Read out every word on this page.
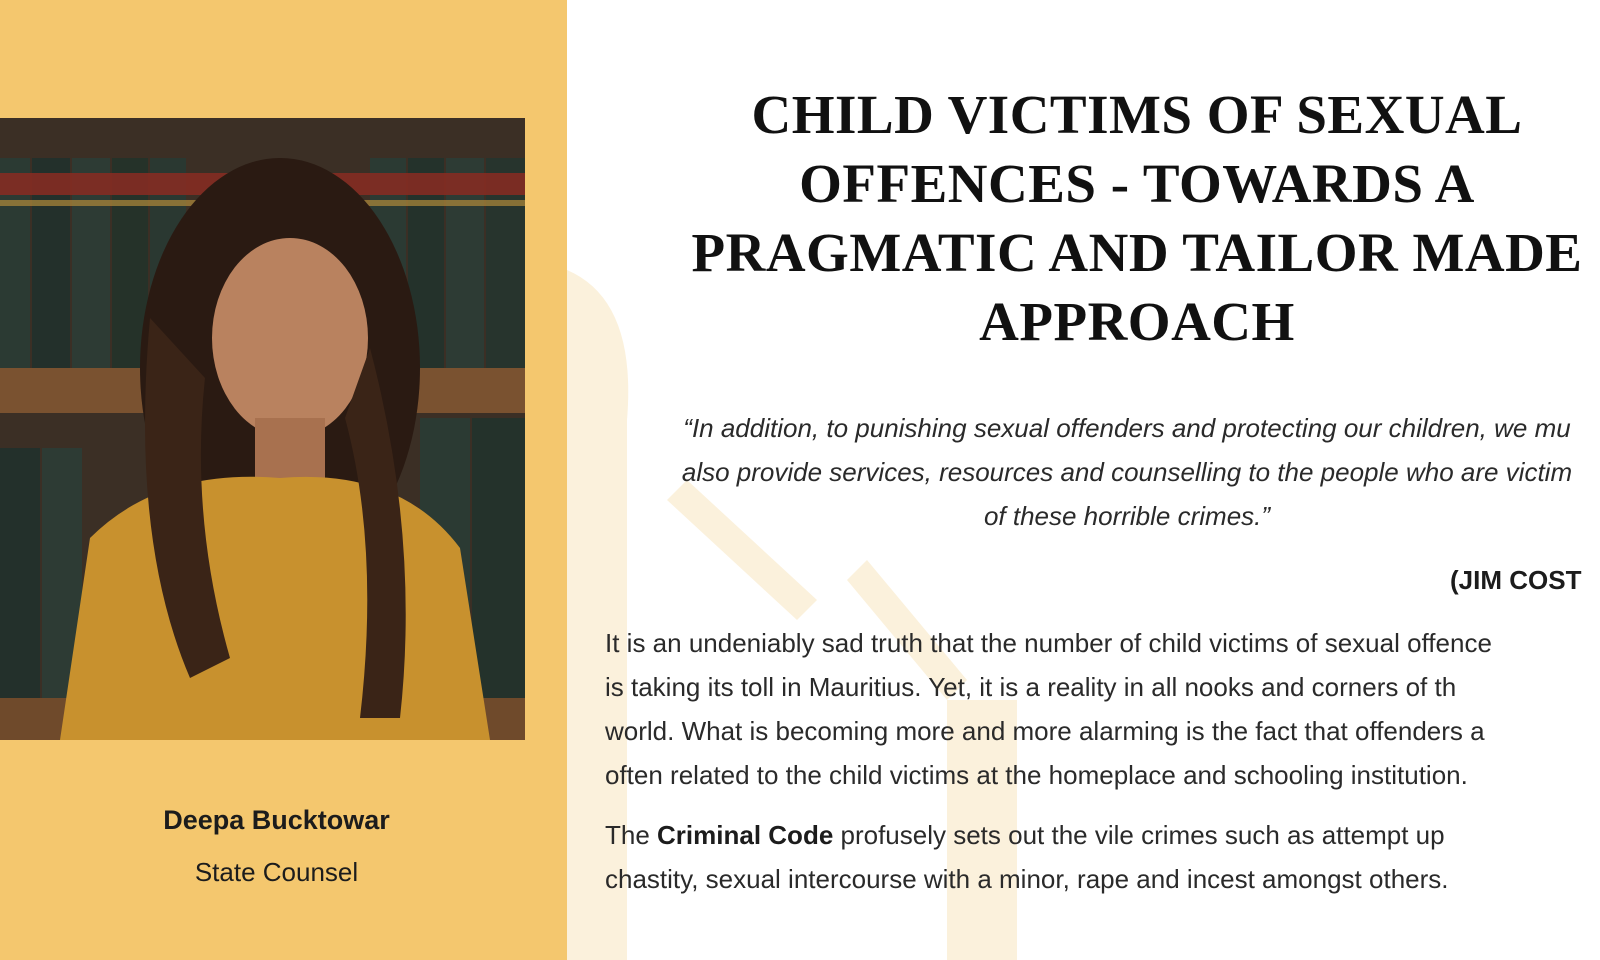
Deepa Bucktowar
State Counsel
CHILD VICTIMS OF SEXUAL
OFFENCES - TOWARDS A
PRAGMATIC AND TAILOR MADE
APPROACH
“In addition, to punishing sexual offenders and protecting our children, we mu
also provide services, resources and counselling to the people who are victim
of these horrible crimes.”
(JIM COST

It is an undeniably sad truth that the number of child victims of sexual offence
is taking its toll in Mauritius. Yet, it is a reality in all nooks and corners of th
world. What is becoming more and more alarming is the fact that offenders a
often related to the child victims at the homeplace and schooling institution.

The Criminal Code profusely sets out the vile crimes such as attempt up
chastity, sexual intercourse with a minor, rape and incest amongst others.
